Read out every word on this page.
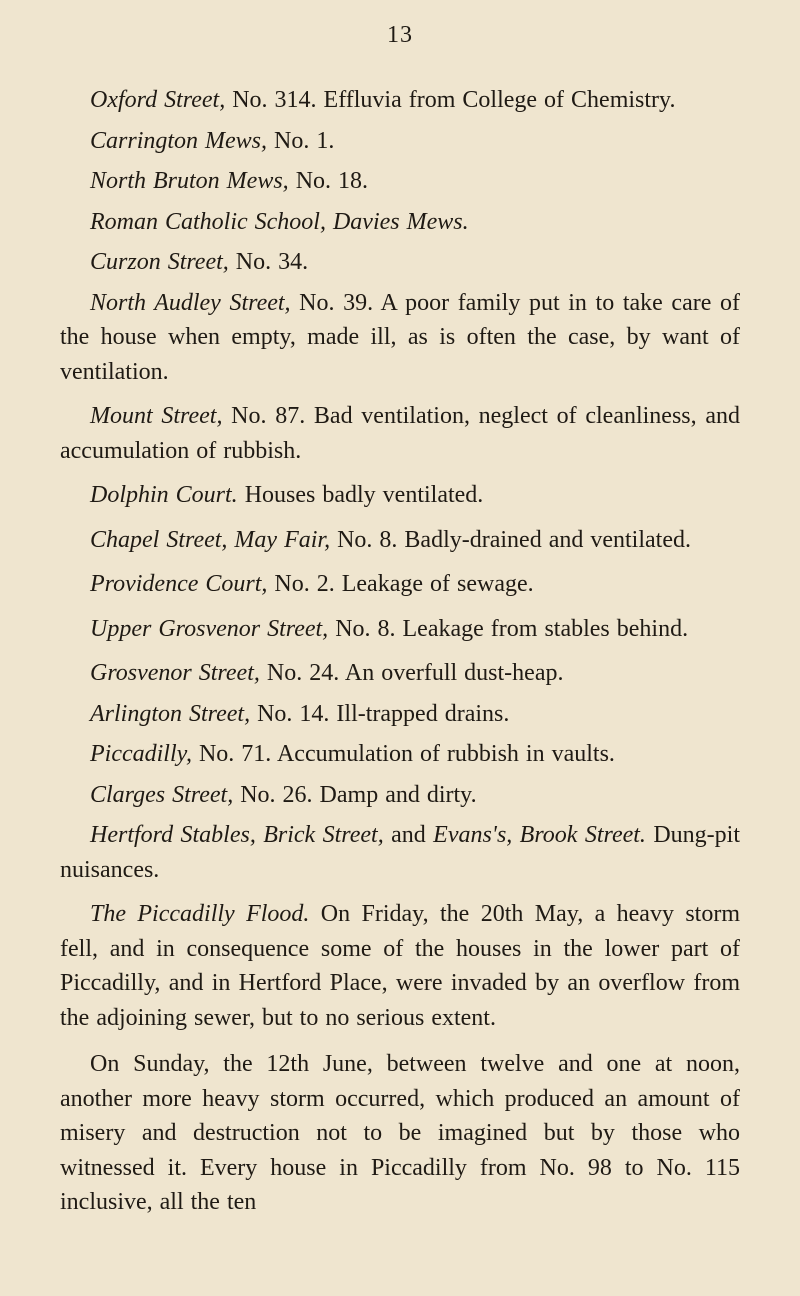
13

Oxford Street, No. 314. Effluvia from College of Chemistry.

Carrington Mews, No. 1.

North Bruton Mews, No. 18.

Roman Catholic School, Davies Mews.

Curzon Street, No. 34.

North Audley Street, No. 39. A poor family put in to take care of the house when empty, made ill, as is often the case, by want of ventilation.

Mount Street, No. 87. Bad ventilation, neglect of cleanliness, and accumulation of rubbish.

Dolphin Court. Houses badly ventilated.

Chapel Street, May Fair, No. 8. Badly-drained and ventilated.

Providence Court, No. 2. Leakage of sewage.

Upper Grosvenor Street, No. 8. Leakage from stables behind.

Grosvenor Street, No. 24. An overfull dust-heap.

Arlington Street, No. 14. Ill-trapped drains.

Piccadilly, No. 71. Accumulation of rubbish in vaults.

Clarges Street, No. 26. Damp and dirty.

Hertford Stables, Brick Street, and Evans's, Brook Street. Dung-pit nuisances.

The Piccadilly Flood. On Friday, the 20th May, a heavy storm fell, and in consequence some of the houses in the lower part of Piccadilly, and in Hertford Place, were invaded by an overflow from the adjoining sewer, but to no serious extent.

On Sunday, the 12th June, between twelve and one at noon, another more heavy storm occurred, which produced an amount of misery and destruction not to be imagined but by those who witnessed it. Every house in Piccadilly from No. 98 to No. 115 inclusive, all the ten
